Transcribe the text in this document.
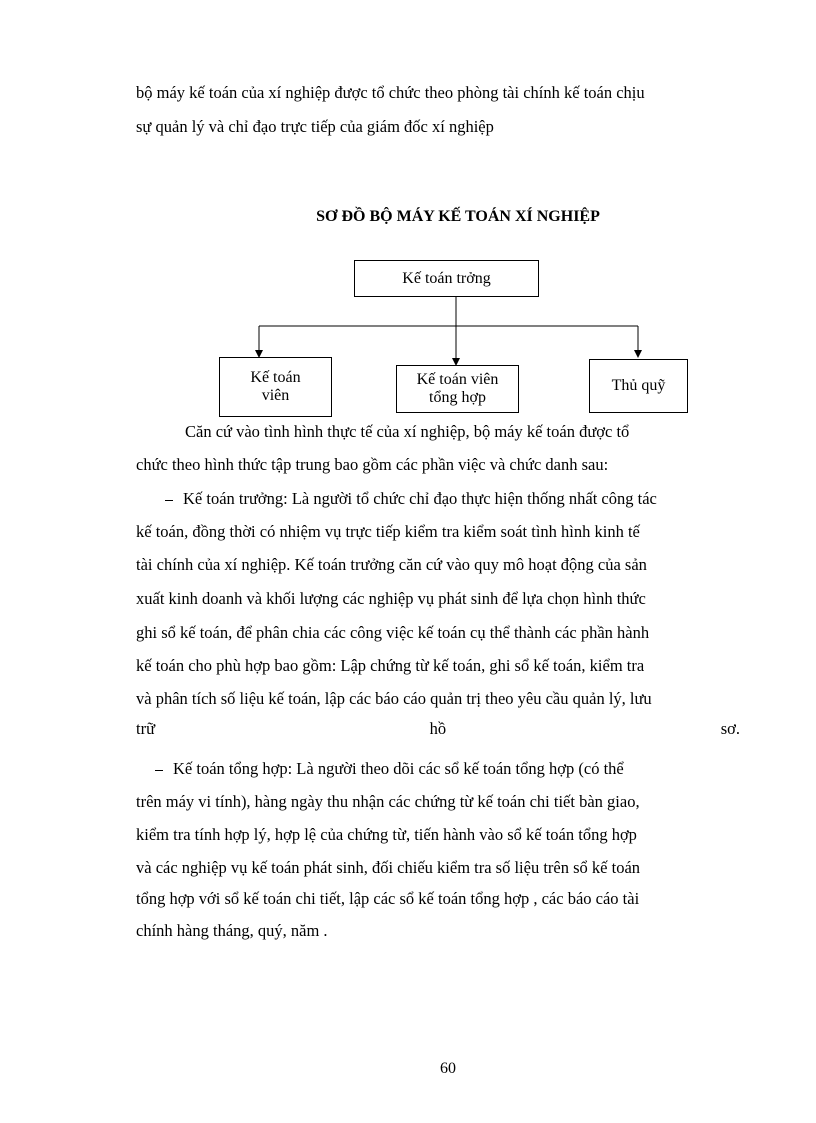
bộ máy kế toán của xí nghiệp được tổ chức theo phòng tài chính kế toán chịu
sự quản lý và chỉ đạo trực tiếp của giám đốc xí nghiệp
SƠ ĐỒ BỘ MÁY KẾ TOÁN XÍ NGHIỆP
Kế toán trởng
Kế toán
viên
Kế toán viên
tổng hợp
Thủ quỹ
Căn cứ vào tình hình thực tế của xí nghiệp, bộ máy kế toán được tổ
chức theo hình thức tập trung bao gồm các phần việc và chức danh sau:
Kế toán trưởng: Là người tổ chức chỉ đạo thực hiện thống nhất công tác
kế toán, đồng thời có nhiệm vụ trực tiếp kiểm tra kiểm soát tình hình kinh tế
tài chính của xí nghiệp. Kế toán trưởng căn cứ vào quy mô hoạt động của sản
xuất kinh doanh và khối lượng các nghiệp vụ phát sinh để lựa chọn hình thức
ghi sổ kế toán, để phân chia các công việc kế toán cụ thể thành các phần hành
kế toán cho phù hợp bao gồm: Lập chứng từ kế toán, ghi sổ kế toán, kiểm tra
và phân tích số liệu kế toán, lập các báo cáo quản trị theo yêu cầu quản lý, lưu
trữ	hồ	sơ.
Kế toán tổng hợp: Là người theo dõi các sổ kế toán tổng hợp (có thể
trên máy vi tính), hàng ngày thu nhận các chứng từ kế toán chi tiết bàn giao,
kiểm tra tính hợp lý, hợp lệ của chứng từ, tiến hành vào sổ kế toán tổng hợp
và các nghiệp vụ kế toán phát sinh, đối chiếu kiểm tra số liệu trên sổ kế toán
tổng hợp với sổ kế toán chi tiết, lập các sổ kế toán tổng hợp , các báo cáo tài
chính hàng tháng, quý, năm .
60
